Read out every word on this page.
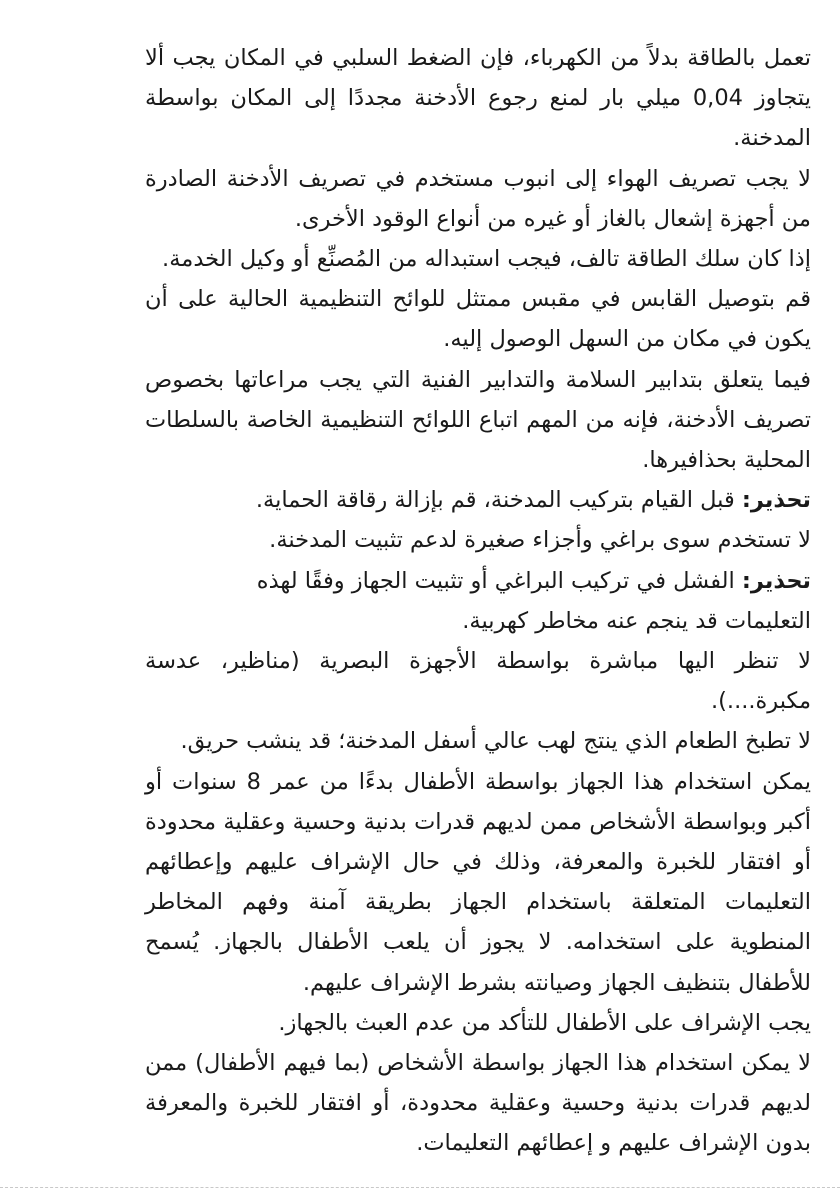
تعمل بالطاقة بدلاً من الكهرباء، فإن الضغط السلبي في المكان يجب ألا يتجاوز 0,04 ميلي بار لمنع رجوع الأدخنة مجددًا إلى المكان بواسطة المدخنة.

لا يجب تصريف الهواء إلى انبوب مستخدم في تصريف الأدخنة الصادرة من أجهزة إشعال بالغاز أو غيره من أنواع الوقود الأخرى.

إذا كان سلك الطاقة تالف، فيجب استبداله من المُصنِّع أو وكيل الخدمة.

قم بتوصيل القابس في مقبس ممتثل للوائح التنظيمية الحالية على أن يكون في مكان من السهل الوصول إليه.

فيما يتعلق بتدابير السلامة والتدابير الفنية التي يجب مراعاتها بخصوص تصريف الأدخنة، فإنه من المهم اتباع اللوائح التنظيمية الخاصة بالسلطات المحلية بحذافيرها.

تحذير: قبل القيام بتركيب المدخنة، قم بإزالة رقاقة الحماية.

لا تستخدم سوى براغي وأجزاء صغيرة لدعم تثبيت المدخنة.

تحذير: الفشل في تركيب البراغي أو تثبيت الجهاز وفقًا لهذه

التعليمات قد ينجم عنه مخاطر كهربية.

لا تنظر اليها مباشرة بواسطة الأجهزة البصرية (مناظير، عدسة مكبرة....).

لا تطبخ الطعام الذي ينتج لهب عالي أسفل المدخنة؛ قد ينشب حريق.

يمكن استخدام هذا الجهاز بواسطة الأطفال بدءًا من عمر 8 سنوات أو أكبر وبواسطة الأشخاص ممن لديهم قدرات بدنية وحسية وعقلية محدودة أو افتقار للخبرة والمعرفة، وذلك في حال الإشراف عليهم وإعطائهم التعليمات المتعلقة باستخدام الجهاز بطريقة آمنة وفهم المخاطر المنطوية على استخدامه. لا يجوز أن يلعب الأطفال بالجهاز. يُسمح للأطفال بتنظيف الجهاز وصيانته بشرط الإشراف عليهم.

يجب الإشراف على الأطفال للتأكد من عدم العبث بالجهاز.

لا يمكن استخدام هذا الجهاز بواسطة الأشخاص (بما فيهم الأطفال) ممن لديهم قدرات بدنية وحسية وعقلية محدودة، أو افتقار للخبرة والمعرفة بدون الإشراف عليهم و إعطائهم التعليمات.
